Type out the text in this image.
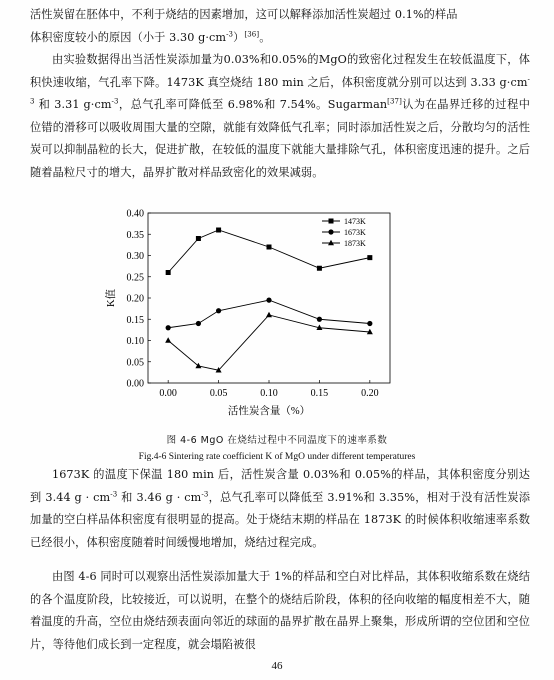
活性炭留在胚体中，不利于烧结的因素增加，这可以解释添加活性炭超过 0.1%的样品
体积密度较小的原因（小于 3.30 $g\cdot cm^{-3})[36]$。

由实验数据得出当活性炭添加量为0.03%和0.05%的MgO的致密化过程发生在较低温度下，体积快速收缩，气孔率下降。1473K 真空烧结 180 min 之后，体积密度就分别可以达到 3.33 $g\cdot cm^{-3}$ 和 3.31 $g\cdot cm^{-3}$，总气孔率可降低至 6.98%和 7.54%。Sugarman[37]认为在晶界迁移的过程中位错的滑移可以吸收周围大量的空隙，就能有效降低气孔率；同时添加活性炭之后，分散均匀的活性炭可以抑制晶粒的长大，促进扩散，在较低的温度下就能大量排除气孔，体积密度迅速的提升。之后随着晶粒尺寸的增大，晶界扩散对样品致密化的效果减弱。

0.00
0.05
0.10
0.15
0.20
0.25
0.30
0.35
0.40
0.00	0.05	0.10	0.15	0.20
活性炭含量（%）
K值
1473K
1673K
1873K
图 4-6 MgO 在烧结过程中不同温度下的速率系数
Fig.4-6 Sintering rate coefficient K of MgO under different temperatures

1673K 的温度下保温 180 min 后，活性炭含量 0.03%和 0.05%的样品，其体积密度分别达到 3.44 $g \cdot cm^{-3}$ 和 3.46 $g \cdot cm^{-3}$，总气孔率可以降低至 3.91%和 3.35%，相对于没有活性炭添加量的空白样品体积密度有很明显的提高。处于烧结末期的样品在 1873K 的时候体积收缩速率系数已经很小，体积密度随着时间缓慢地增加，烧结过程完成。

由图 4-6 同时可以观察出活性炭添加量大于 1%的样品和空白对比样品，其体积收缩系数在烧结的各个温度阶段，比较接近，可以说明，在整个的烧结后阶段，体积的径向收缩的幅度相差不大，随着温度的升高，空位由烧结颈表面向邻近的球面的晶界扩散在晶界上聚集，形成所谓的空位团和空位片，等待他们成长到一定程度，就会塌陷被很

46
